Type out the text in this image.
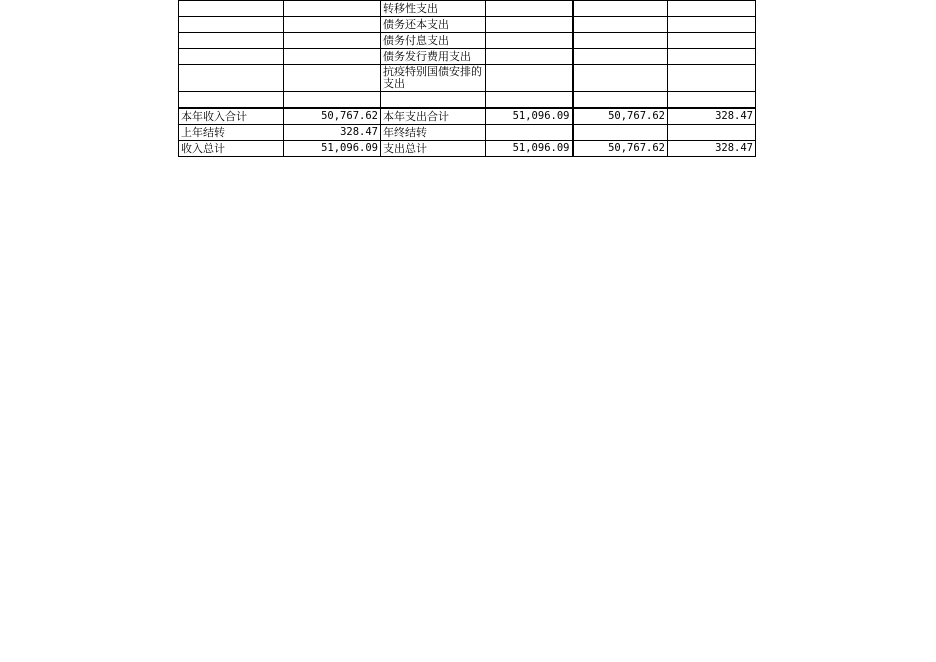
		转移性支出			
		债务还本支出			
		债务付息支出			
		债务发行费用支出			
		抗疫特别国债安排的支出			

本年收入合计	50,767.62	本年支出合计	51,096.09	50,767.62	328.47
上年结转	328.47	年终结转			
收入总计	51,096.09	支出总计	51,096.09	50,767.62	328.47
